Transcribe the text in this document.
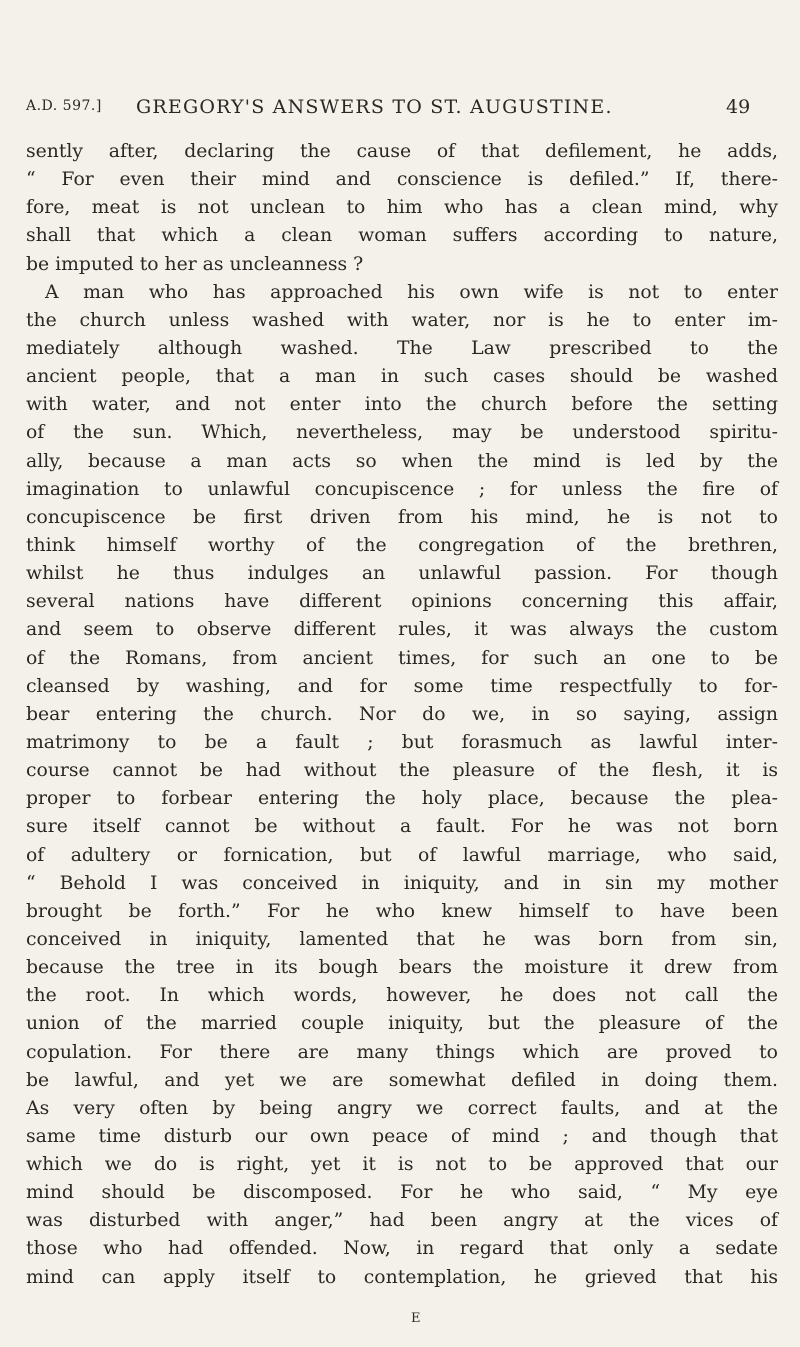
A.D. 597.] GREGORY'S ANSWERS TO ST. AUGUSTINE.	49
sently after, declaring the cause of that defilement, he adds,
“ For even their mind and conscience is defiled.” If, there-
fore, meat is not unclean to him who has a clean mind, why
shall that which a clean woman suffers according to nature,
be imputed to her as uncleanness ?
A man who has approached his own wife is not to enter
the church unless washed with water, nor is he to enter im-
mediately although washed. The Law prescribed to the
ancient people, that a man in such cases should be washed
with water, and not enter into the church before the setting
of the sun. Which, nevertheless, may be understood spiritu-
ally, because a man acts so when the mind is led by the
imagination to unlawful concupiscence ; for unless the fire of
concupiscence be first driven from his mind, he is not to
think himself worthy of the congregation of the brethren,
whilst he thus indulges an unlawful passion. For though
several nations have different opinions concerning this affair,
and seem to observe different rules, it was always the custom
of the Romans, from ancient times, for such an one to be
cleansed by washing, and for some time respectfully to for-
bear entering the church. Nor do we, in so saying, assign
matrimony to be a fault ; but forasmuch as lawful inter-
course cannot be had without the pleasure of the flesh, it is
proper to forbear entering the holy place, because the plea-
sure itself cannot be without a fault. For he was not born
of adultery or fornication, but of lawful marriage, who said,
“ Behold I was conceived in iniquity, and in sin my mother
brought be forth.” For he who knew himself to have been
conceived in iniquity, lamented that he was born from sin,
because the tree in its bough bears the moisture it drew from
the root. In which words, however, he does not call the
union of the married couple iniquity, but the pleasure of the
copulation. For there are many things which are proved to
be lawful, and yet we are somewhat defiled in doing them.
As very often by being angry we correct faults, and at the
same time disturb our own peace of mind ; and though that
which we do is right, yet it is not to be approved that our
mind should be discomposed. For he who said, “ My eye
was disturbed with anger,” had been angry at the vices of
those who had offended. Now, in regard that only a sedate
mind can apply itself to contemplation, he grieved that his
E
